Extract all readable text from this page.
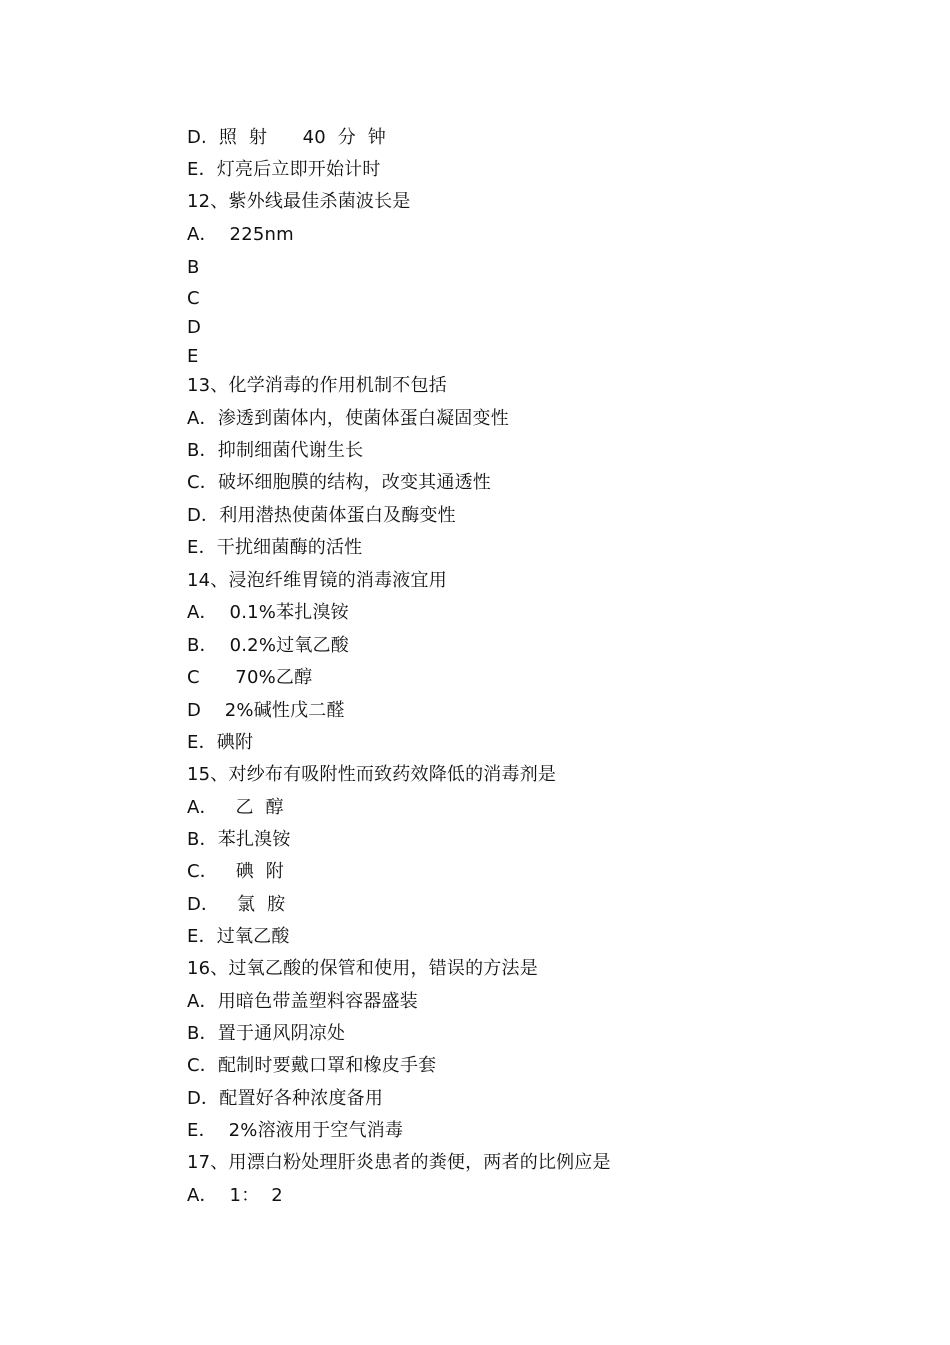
D.  照  射      40  分  钟
E．灯亮后立即开始计时
12、紫外线最佳杀菌波长是
A．  225nm
B
C
D
E
13、化学消毒的作用机制不包括
A．渗透到菌体内，使菌体蛋白凝固变性
B．抑制细菌代谢生长
C．破坏细胞膜的结构，改变其通透性
D．利用潜热使菌体蛋白及酶变性
E．干扰细菌酶的活性
14、浸泡纤维胃镜的消毒液宜用
A．  0.1%苯扎溴铵
B．  0.2%过氧乙酸
C      70%乙醇
D    2%碱性戊二醛
E．碘附
15、对纱布有吸附性而致药效降低的消毒剂是
A．   乙  醇
B．苯扎溴铵
C．   碘  附
D．   氯  胺
E．过氧乙酸
16、过氧乙酸的保管和使用，错误的方法是
A．用暗色带盖塑料容器盛装
B．置于通风阴凉处
C．配制时要戴口罩和橡皮手套
D．配置好各种浓度备用
E．  2%溶液用于空气消毒
17、用漂白粉处理肝炎患者的粪便，两者的比例应是
A．  1：  2
